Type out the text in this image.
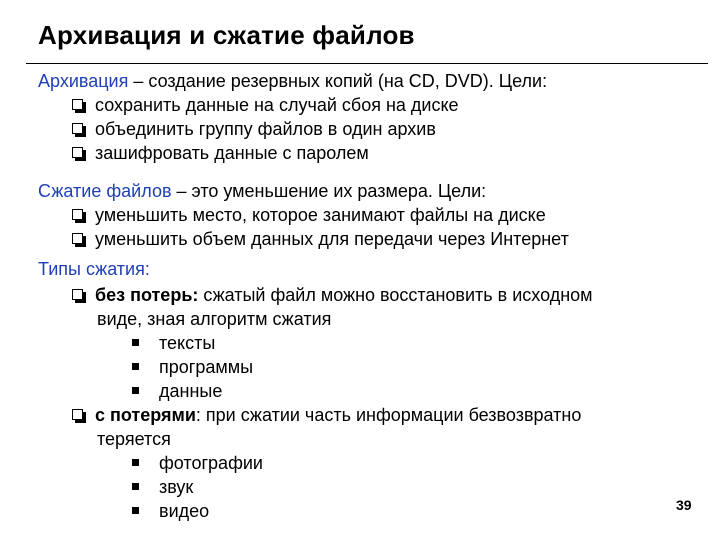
Архивация и сжатие файлов
Архивация – создание резервных копий (на CD, DVD). Цели:
сохранить данные на случай сбоя на диске
объединить группу файлов в один архив
зашифровать данные с паролем
Сжатие файлов – это уменьшение их размера. Цели:
уменьшить место, которое занимают файлы на диске
уменьшить объем данных для передачи через Интернет
Типы сжатия:
без потерь: сжатый файл можно восстановить в исходном
виде, зная алгоритм сжатия
тексты
программы
данные
с потерями: при сжатии часть информации безвозвратно
теряется
фотографии
звук
видео	39
